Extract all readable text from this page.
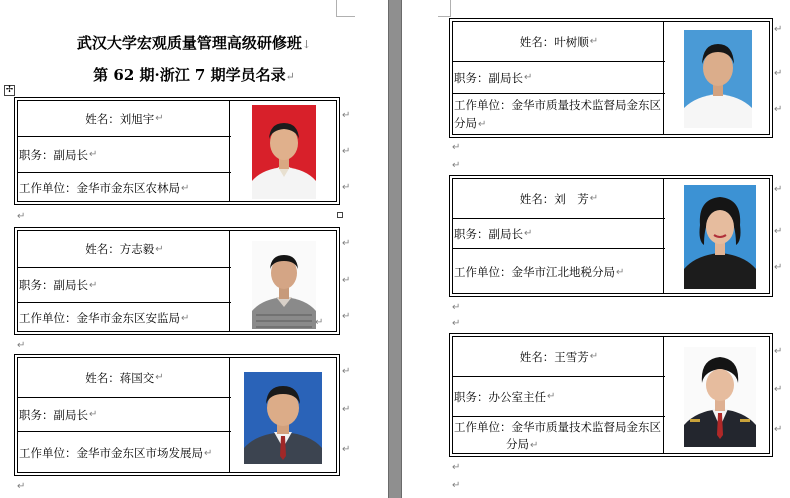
武汉大学宏观质量管理高级研修班↓
第 62 期·浙江 7 期学员名录↵
✢
姓名：刘旭宇 ↵
职务：副局长 ↵
工作单位：金华市金东区农林局 ↵
↵
↵
↵
↵
姓名：方志毅 ↵
职务：副局长 ↵
工作单位：金华市金东区安监局 ↵	↵
↵
↵
↵
↵
姓名：蒋国交 ↵
职务：副局长 ↵
工作单位：金华市金东区市场发展局 ↵
↵
↵
↵
↵
姓名：叶树顺 ↵
职务：副局长 ↵
工作单位：金华市质量技术监督局金东区
分局↵
↵
↵
↵
↵
↵
姓名：刘　芳 ↵
职务：副局长 ↵
工作单位：金华市江北地税分局 ↵
↵
↵
↵
↵
↵
姓名：王雪芳 ↵
职务：办公室主任 ↵
工作单位：金华市质量技术监督局金东区
分局↵
↵
↵
↵
↵
↵
